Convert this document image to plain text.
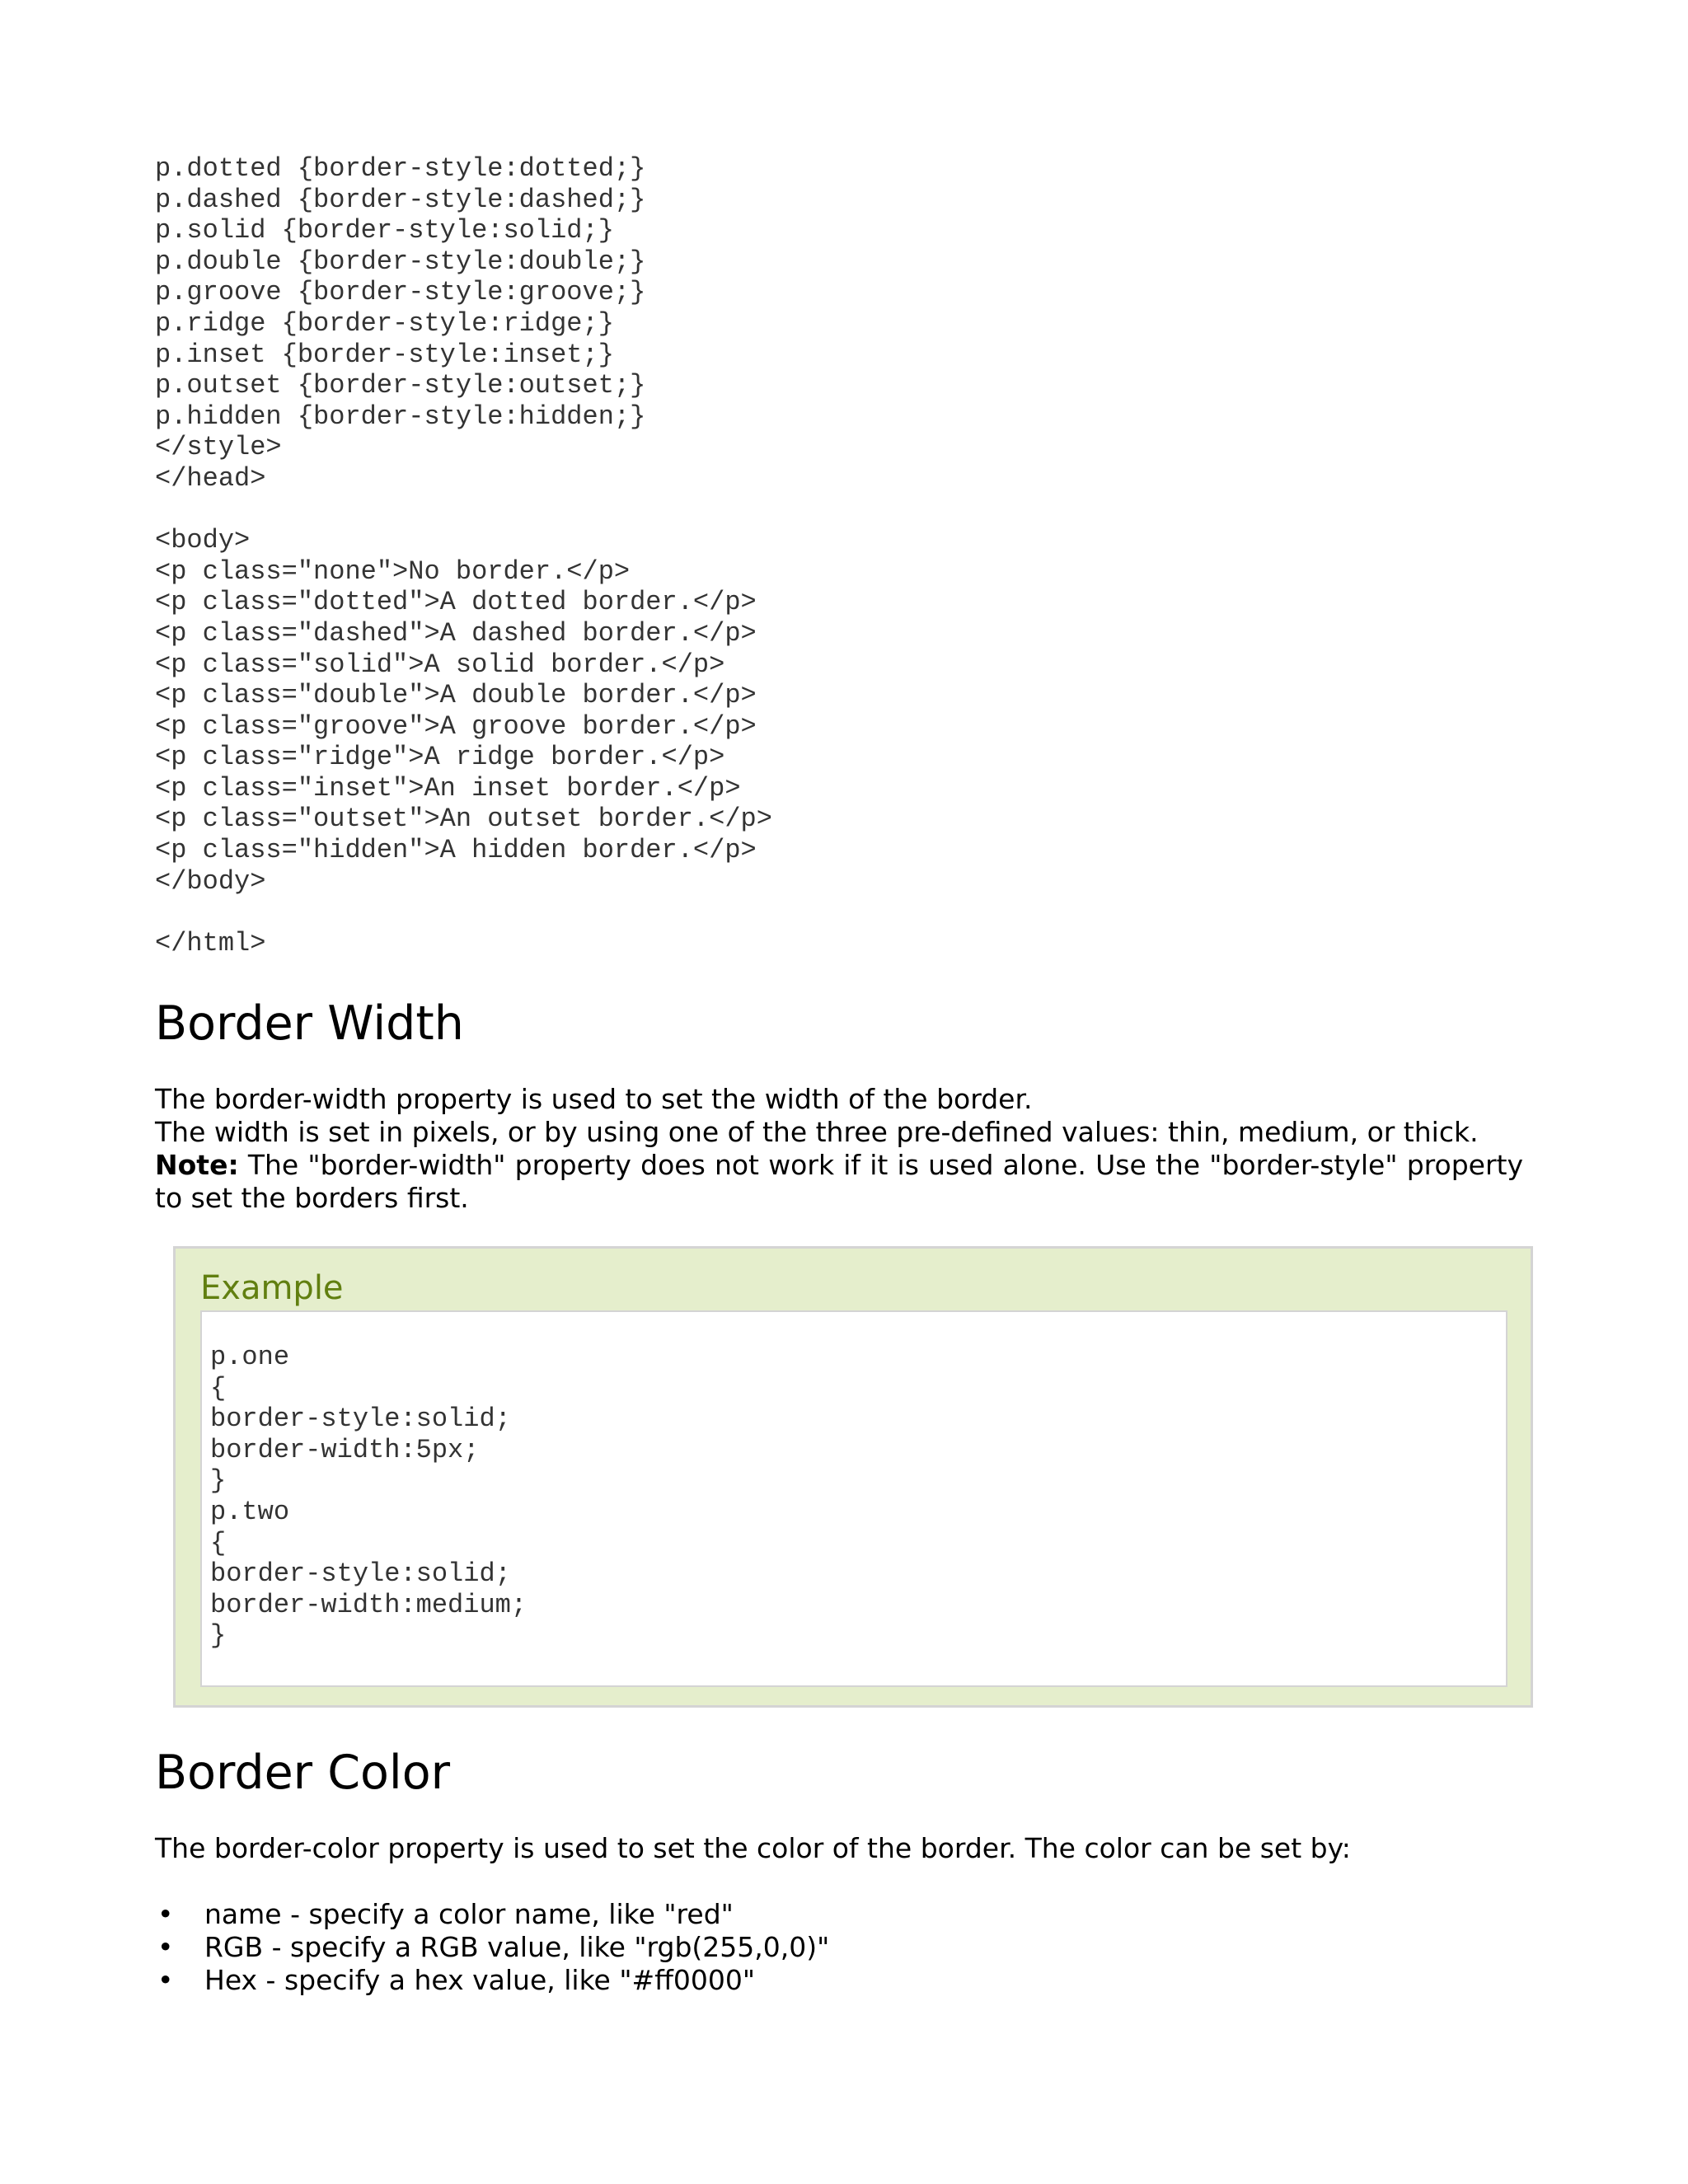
p.dotted {border-style:dotted;}
p.dashed {border-style:dashed;}
p.solid {border-style:solid;}
p.double {border-style:double;}
p.groove {border-style:groove;}
p.ridge {border-style:ridge;}
p.inset {border-style:inset;}
p.outset {border-style:outset;}
p.hidden {border-style:hidden;}
</style>
</head>
<body>
<p class="none">No border.</p>
<p class="dotted">A dotted border.</p>
<p class="dashed">A dashed border.</p>
<p class="solid">A solid border.</p>
<p class="double">A double border.</p>
<p class="groove">A groove border.</p>
<p class="ridge">A ridge border.</p>
<p class="inset">An inset border.</p>
<p class="outset">An outset border.</p>
<p class="hidden">A hidden border.</p>
</body>
</html>
Border Width
The border-width property is used to set the width of the border.
The width is set in pixels, or by using one of the three pre-defined values: thin, medium, or thick.
Note: The "border-width" property does not work if it is used alone. Use the "border-style" property to set the borders first.
Example
p.one
{
border-style:solid;
border-width:5px;
}
p.two
{
border-style:solid;
border-width:medium;
}
Border Color

The border-color property is used to set the color of the border. The color can be set by:

• name - specify a color name, like "red"
• RGB - specify a RGB value, like "rgb(255,0,0)"
• Hex - specify a hex value, like "#ff0000"
